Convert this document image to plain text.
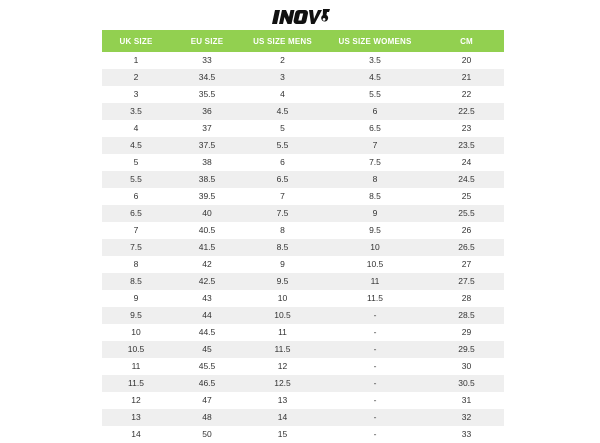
UK SIZE	EU SIZE	US SIZE MENS	US SIZE WOMENS	CM
1	33	2	3.5	20
2	34.5	3	4.5	21
3	35.5	4	5.5	22
3.5	36	4.5	6	22.5
4	37	5	6.5	23
4.5	37.5	5.5	7	23.5
5	38	6	7.5	24
5.5	38.5	6.5	8	24.5
6	39.5	7	8.5	25
6.5	40	7.5	9	25.5
7	40.5	8	9.5	26
7.5	41.5	8.5	10	26.5
8	42	9	10.5	27
8.5	42.5	9.5	11	27.5
9	43	10	11.5	28
9.5	44	10.5	-	28.5
10	44.5	11	-	29
10.5	45	11.5	-	29.5
11	45.5	12	-	30
11.5	46.5	12.5	-	30.5
12	47	13	-	31
13	48	14	-	32
14	50	15	-	33
